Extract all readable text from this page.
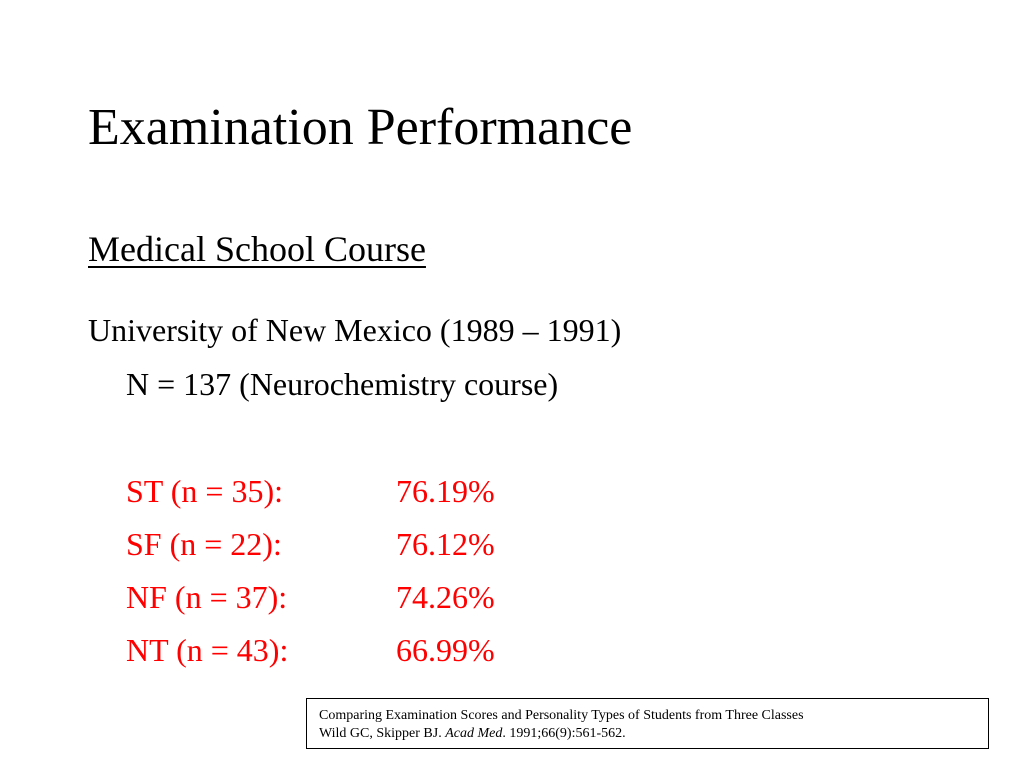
Examination Performance
Medical School Course
University of New Mexico (1989 – 1991)
N = 137 (Neurochemistry course)
ST (n = 35):	76.19%
SF (n = 22):	76.12%
NF (n = 37):	74.26%
NT (n = 43):	66.99%
Comparing Examination Scores and Personality Types of Students from Three Classes
Wild GC, Skipper BJ. Acad Med. 1991;66(9):561-562.
